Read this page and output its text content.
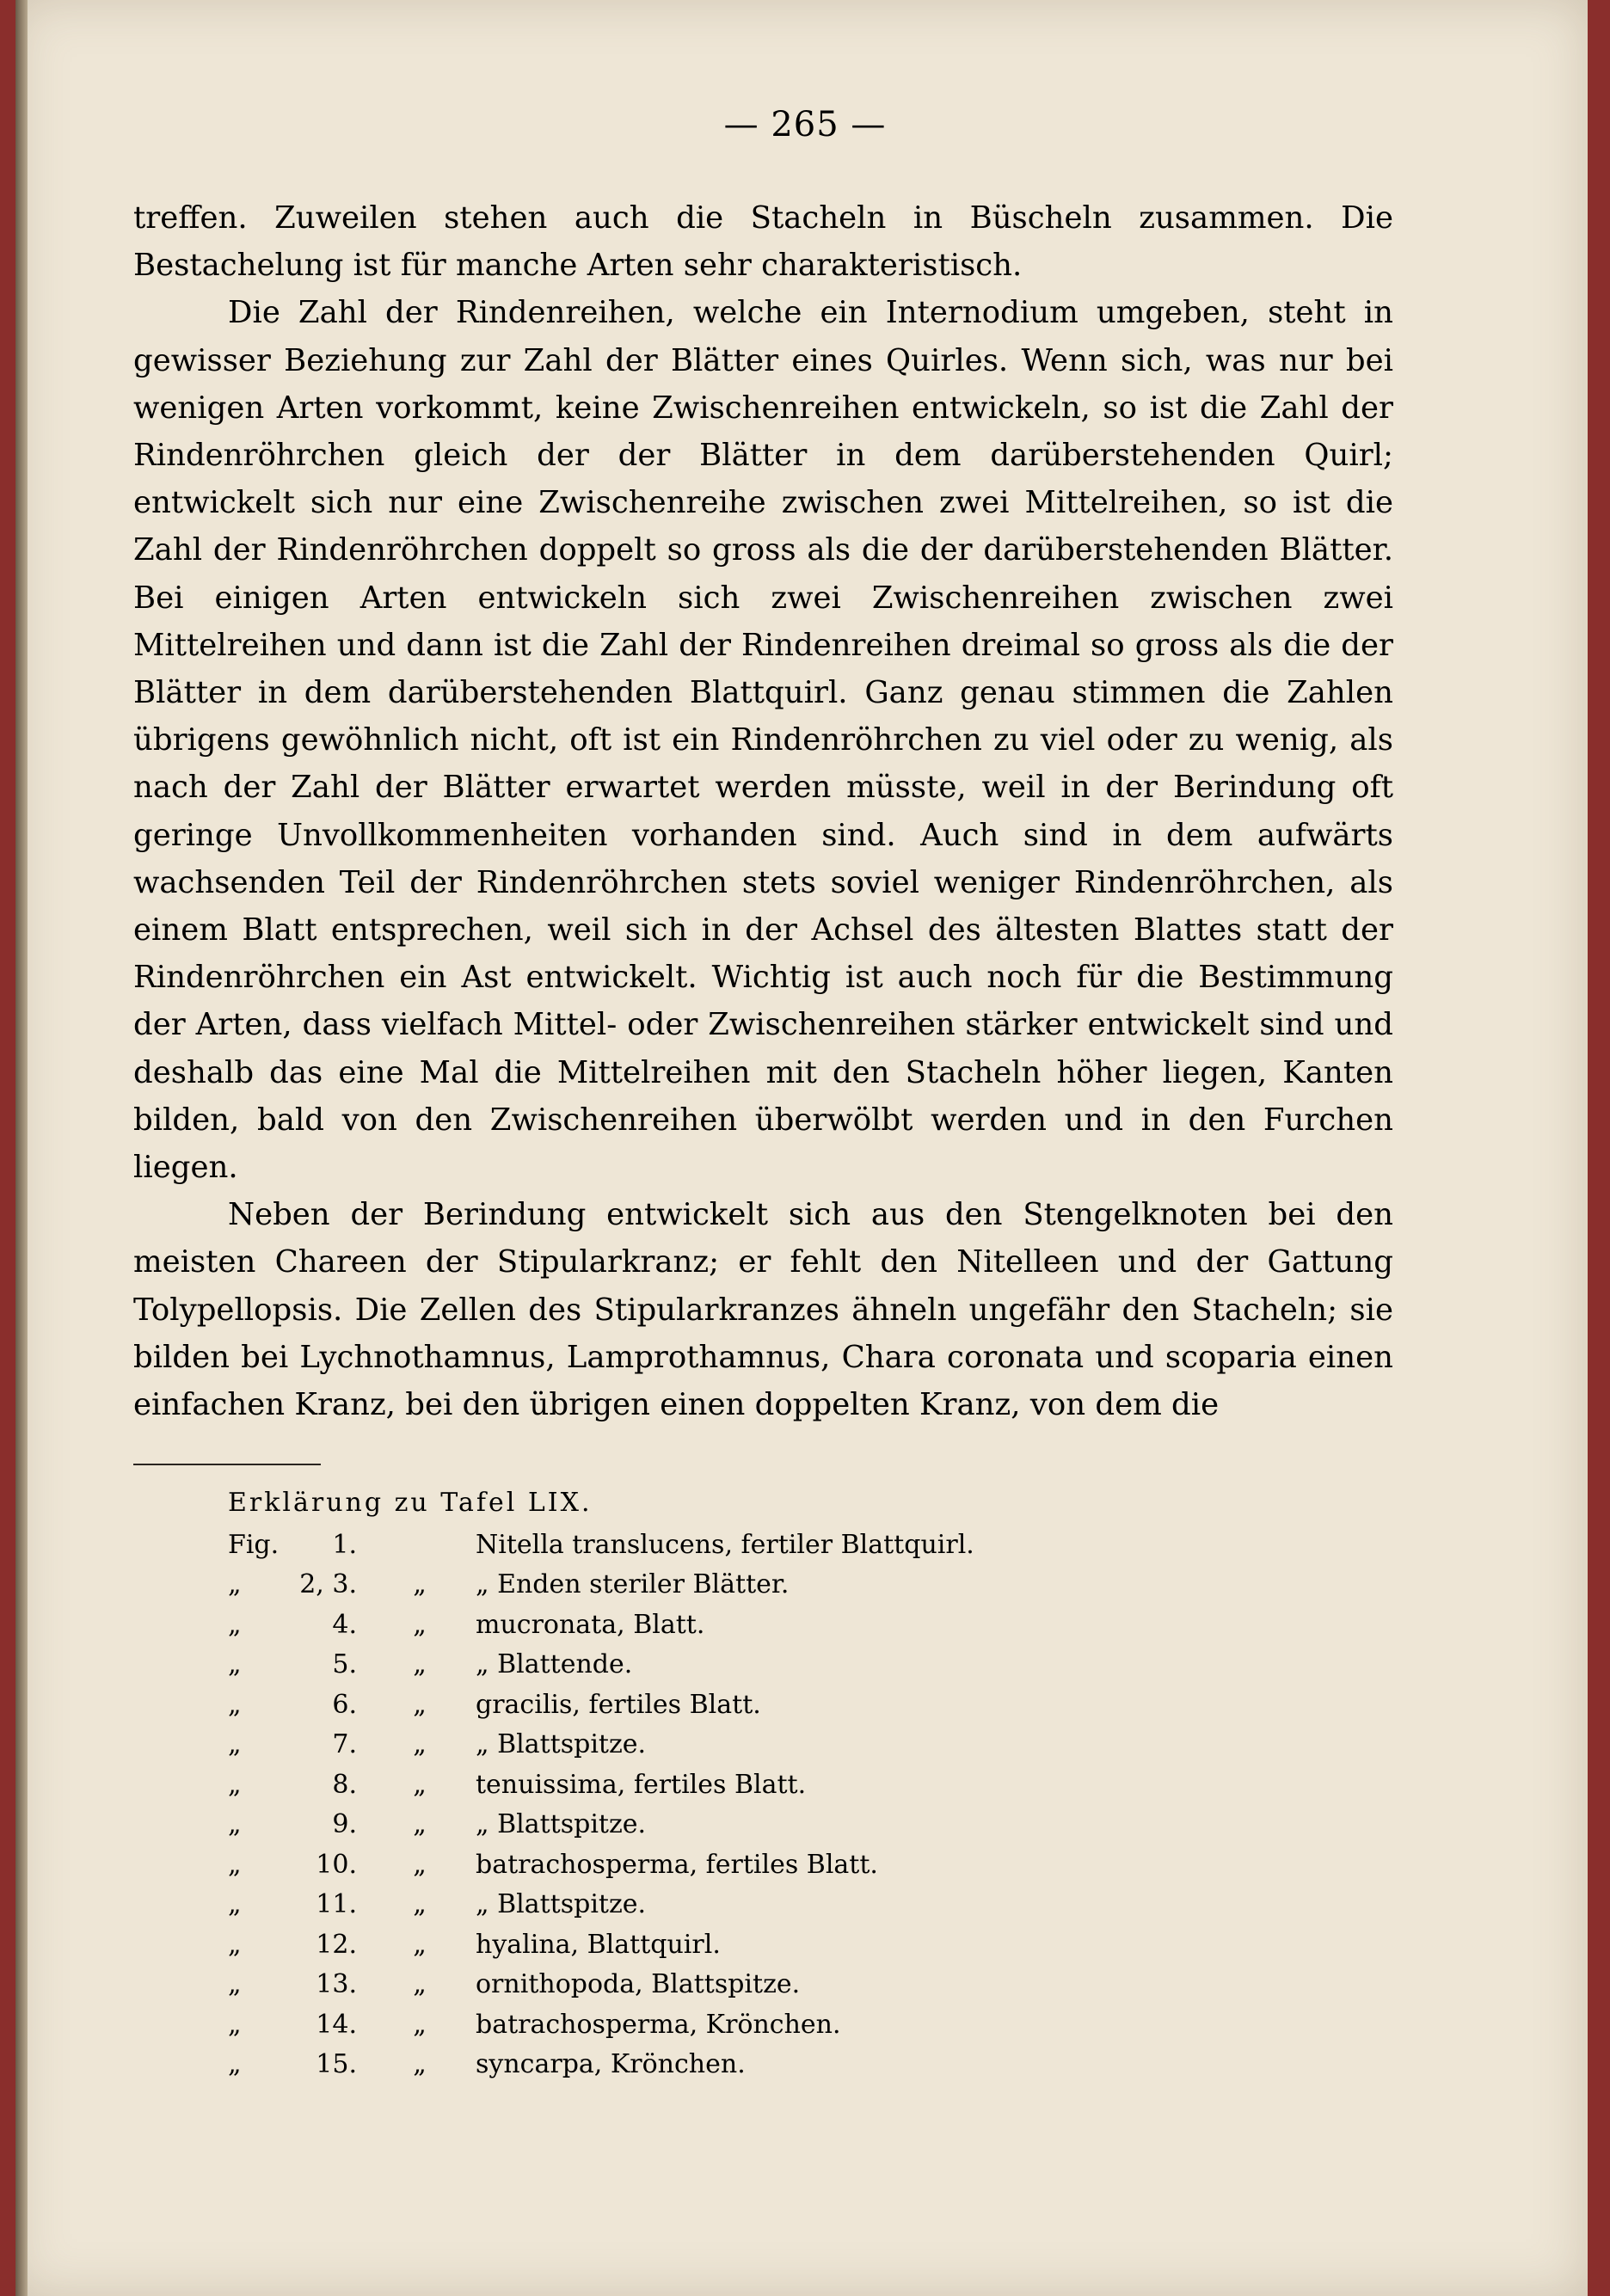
— 265 —

treffen. Zuweilen stehen auch die Stacheln in Büscheln zusammen. Die Bestachelung ist für manche Arten sehr charakteristisch.

Die Zahl der Rindenreihen, welche ein Internodium umgeben, steht in gewisser Beziehung zur Zahl der Blätter eines Quirles. Wenn sich, was nur bei wenigen Arten vorkommt, keine Zwischenreihen entwickeln, so ist die Zahl der Rindenröhrchen gleich der der Blätter in dem darüberstehenden Quirl; entwickelt sich nur eine Zwischenreihe zwischen zwei Mittelreihen, so ist die Zahl der Rindenröhrchen doppelt so gross als die der darüberstehenden Blätter. Bei einigen Arten entwickeln sich zwei Zwischenreihen zwischen zwei Mittelreihen und dann ist die Zahl der Rindenreihen dreimal so gross als die der Blätter in dem darüberstehenden Blattquirl. Ganz genau stimmen die Zahlen übrigens gewöhnlich nicht, oft ist ein Rindenröhrchen zu viel oder zu wenig, als nach der Zahl der Blätter erwartet werden müsste, weil in der Berindung oft geringe Unvollkommenheiten vorhanden sind. Auch sind in dem aufwärts wachsenden Teil der Rindenröhrchen stets soviel weniger Rindenröhrchen, als einem Blatt entsprechen, weil sich in der Achsel des ältesten Blattes statt der Rindenröhrchen ein Ast entwickelt. Wichtig ist auch noch für die Bestimmung der Arten, dass vielfach Mittel- oder Zwischenreihen stärker entwickelt sind und deshalb das eine Mal die Mittelreihen mit den Stacheln höher liegen, Kanten bilden, bald von den Zwischenreihen überwölbt werden und in den Furchen liegen.

Neben der Berindung entwickelt sich aus den Stengelknoten bei den meisten Chareen der Stipularkranz; er fehlt den Nitelleen und der Gattung Tolypellopsis. Die Zellen des Stipularkranzes ähneln ungefähr den Stacheln; sie bilden bei Lychnothamnus, Lamprothamnus, Chara coronata und scoparia einen einfachen Kranz, bei den übrigen einen doppelten Kranz, von dem die

Erklärung zu Tafel LIX.
Fig.	1.	Nitella translucens, fertiler Blattquirl.
„	2, 3.	„	„ Enden steriler Blätter.
„	4.	„	mucronata, Blatt.
„	5.	„	„ Blattende.
„	6.	„	gracilis, fertiles Blatt.
„	7.	„	„ Blattspitze.
„	8.	„	tenuissima, fertiles Blatt.
„	9.	„	„ Blattspitze.
„	10.	„	batrachosperma, fertiles Blatt.
„	11.	„	„ Blattspitze.
„	12.	„	hyalina, Blattquirl.
„	13.	„	ornithopoda, Blattspitze.
„	14.	„	batrachosperma, Krönchen.
„	15.	„	syncarpa, Krönchen.
